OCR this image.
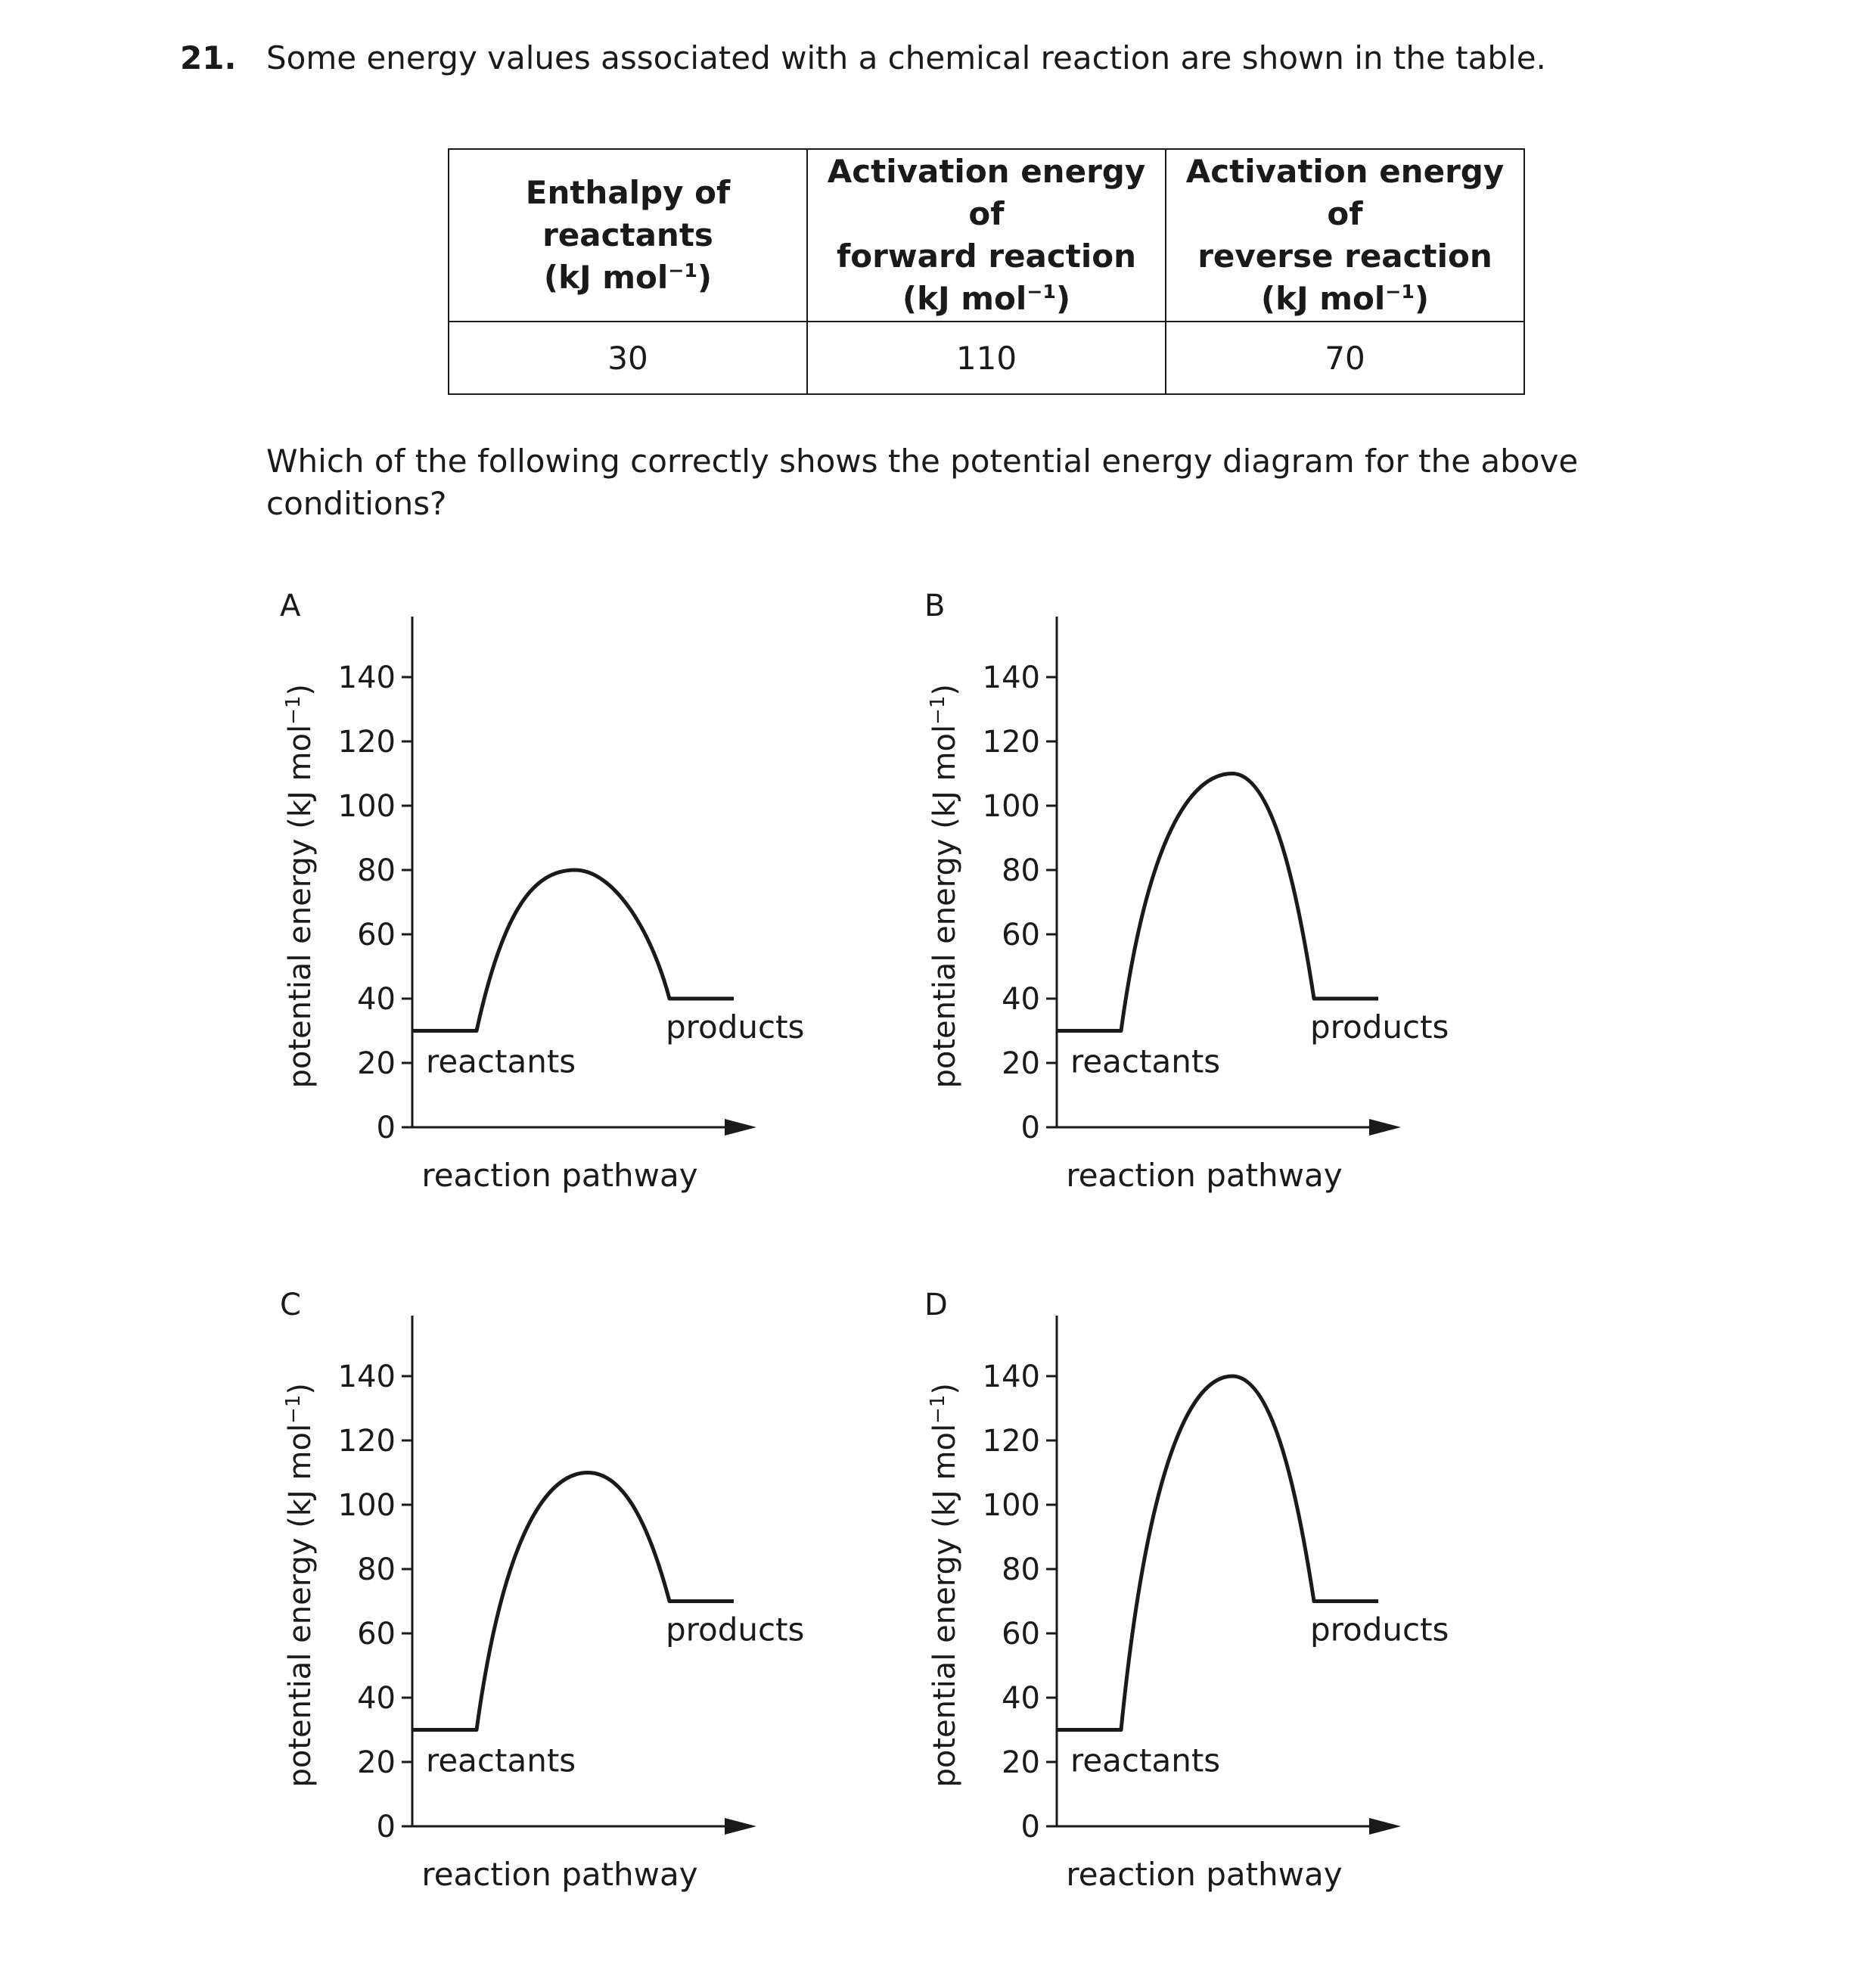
21. Some energy values associated with a chemical reaction are shown in the table.
Enthalpy of
reactants
(kJ mol$^{-1}$)	Activation energy of
forward reaction
(kJ mol$^{-1}$)	Activation energy of
reverse reaction
(kJ mol$^{-1}$)
30	110	70
Which of the following correctly shows the potential energy diagram for the above
conditions?
A	B
C	D
0
20
40
60
80
100
120
140
potential energy (kJ mol$^{-1}$)
reaction pathway
reactants
products
0
20
40
60
80
100
120
140
potential energy (kJ mol$^{-1}$)
reaction pathway
reactants
products
0
20
40
60
80
100
120
140
potential energy (kJ mol$^{-1}$)
reaction pathway
reactants
products
0
20
40
60
80
100
120
140
potential energy (kJ mol$^{-1}$)
reaction pathway
reactants
products
